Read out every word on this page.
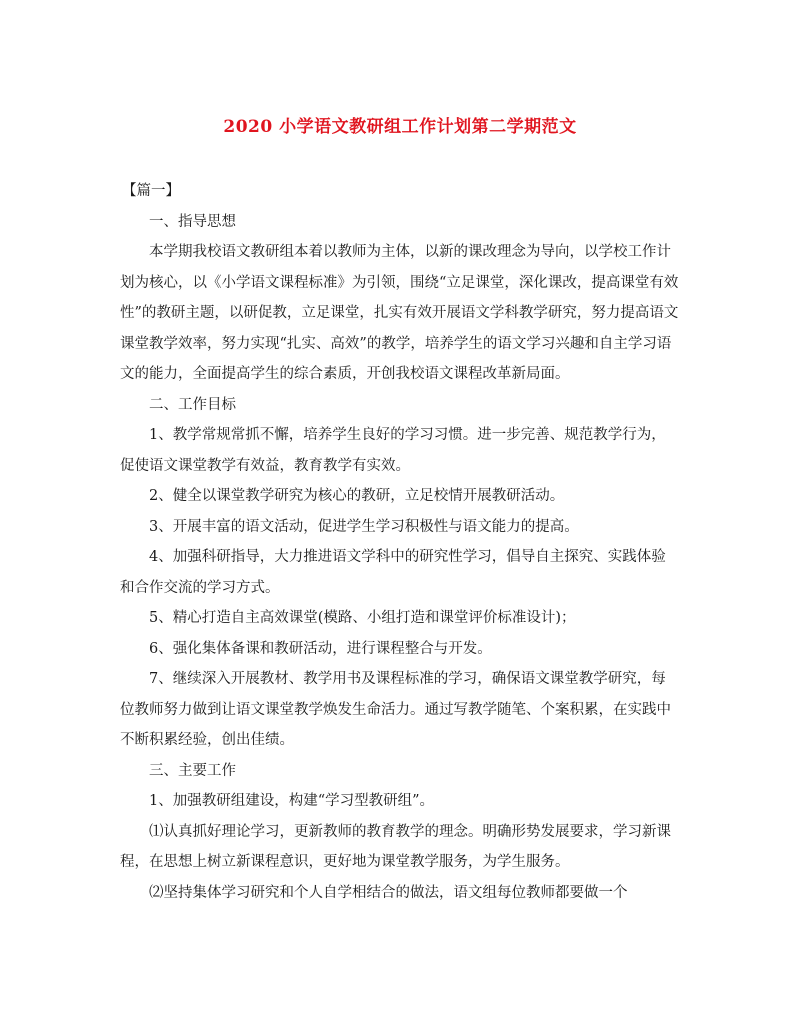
2020 小学语文教研组工作计划第二学期范文

【篇一】

一、指导思想

本学期我校语文教研组本着以教师为主体，以新的课改理念为导向，以学校工作计划为核心，以《小学语文课程标准》为引领，围绕“立足课堂，深化课改，提高课堂有效性”的教研主题，以研促教，立足课堂，扎实有效开展语文学科教学研究，努力提高语文课堂教学效率，努力实现“扎实、高效”的教学，培养学生的语文学习兴趣和自主学习语文的能力，全面提高学生的综合素质，开创我校语文课程改革新局面。

二、工作目标

1、教学常规常抓不懈，培养学生良好的学习习惯。进一步完善、规范教学行为，促使语文课堂教学有效益，教育教学有实效。

2、健全以课堂教学研究为核心的教研，立足校情开展教研活动。

3、开展丰富的语文活动，促进学生学习积极性与语文能力的提高。

4、加强科研指导，大力推进语文学科中的研究性学习，倡导自主探究、实践体验和合作交流的学习方式。

5、精心打造自主高效课堂(模路、小组打造和课堂评价标准设计)；

6、强化集体备课和教研活动，进行课程整合与开发。

7、继续深入开展教材、教学用书及课程标准的学习，确保语文课堂教学研究，每位教师努力做到让语文课堂教学焕发生命活力。通过写教学随笔、个案积累，在实践中不断积累经验，创出佳绩。

三、主要工作

1、加强教研组建设，构建“学习型教研组”。

⑴认真抓好理论学习，更新教师的教育教学的理念。明确形势发展要求，学习新课程，在思想上树立新课程意识，更好地为课堂教学服务，为学生服务。

⑵坚持集体学习研究和个人自学相结合的做法，语文组每位教师都要做一个
